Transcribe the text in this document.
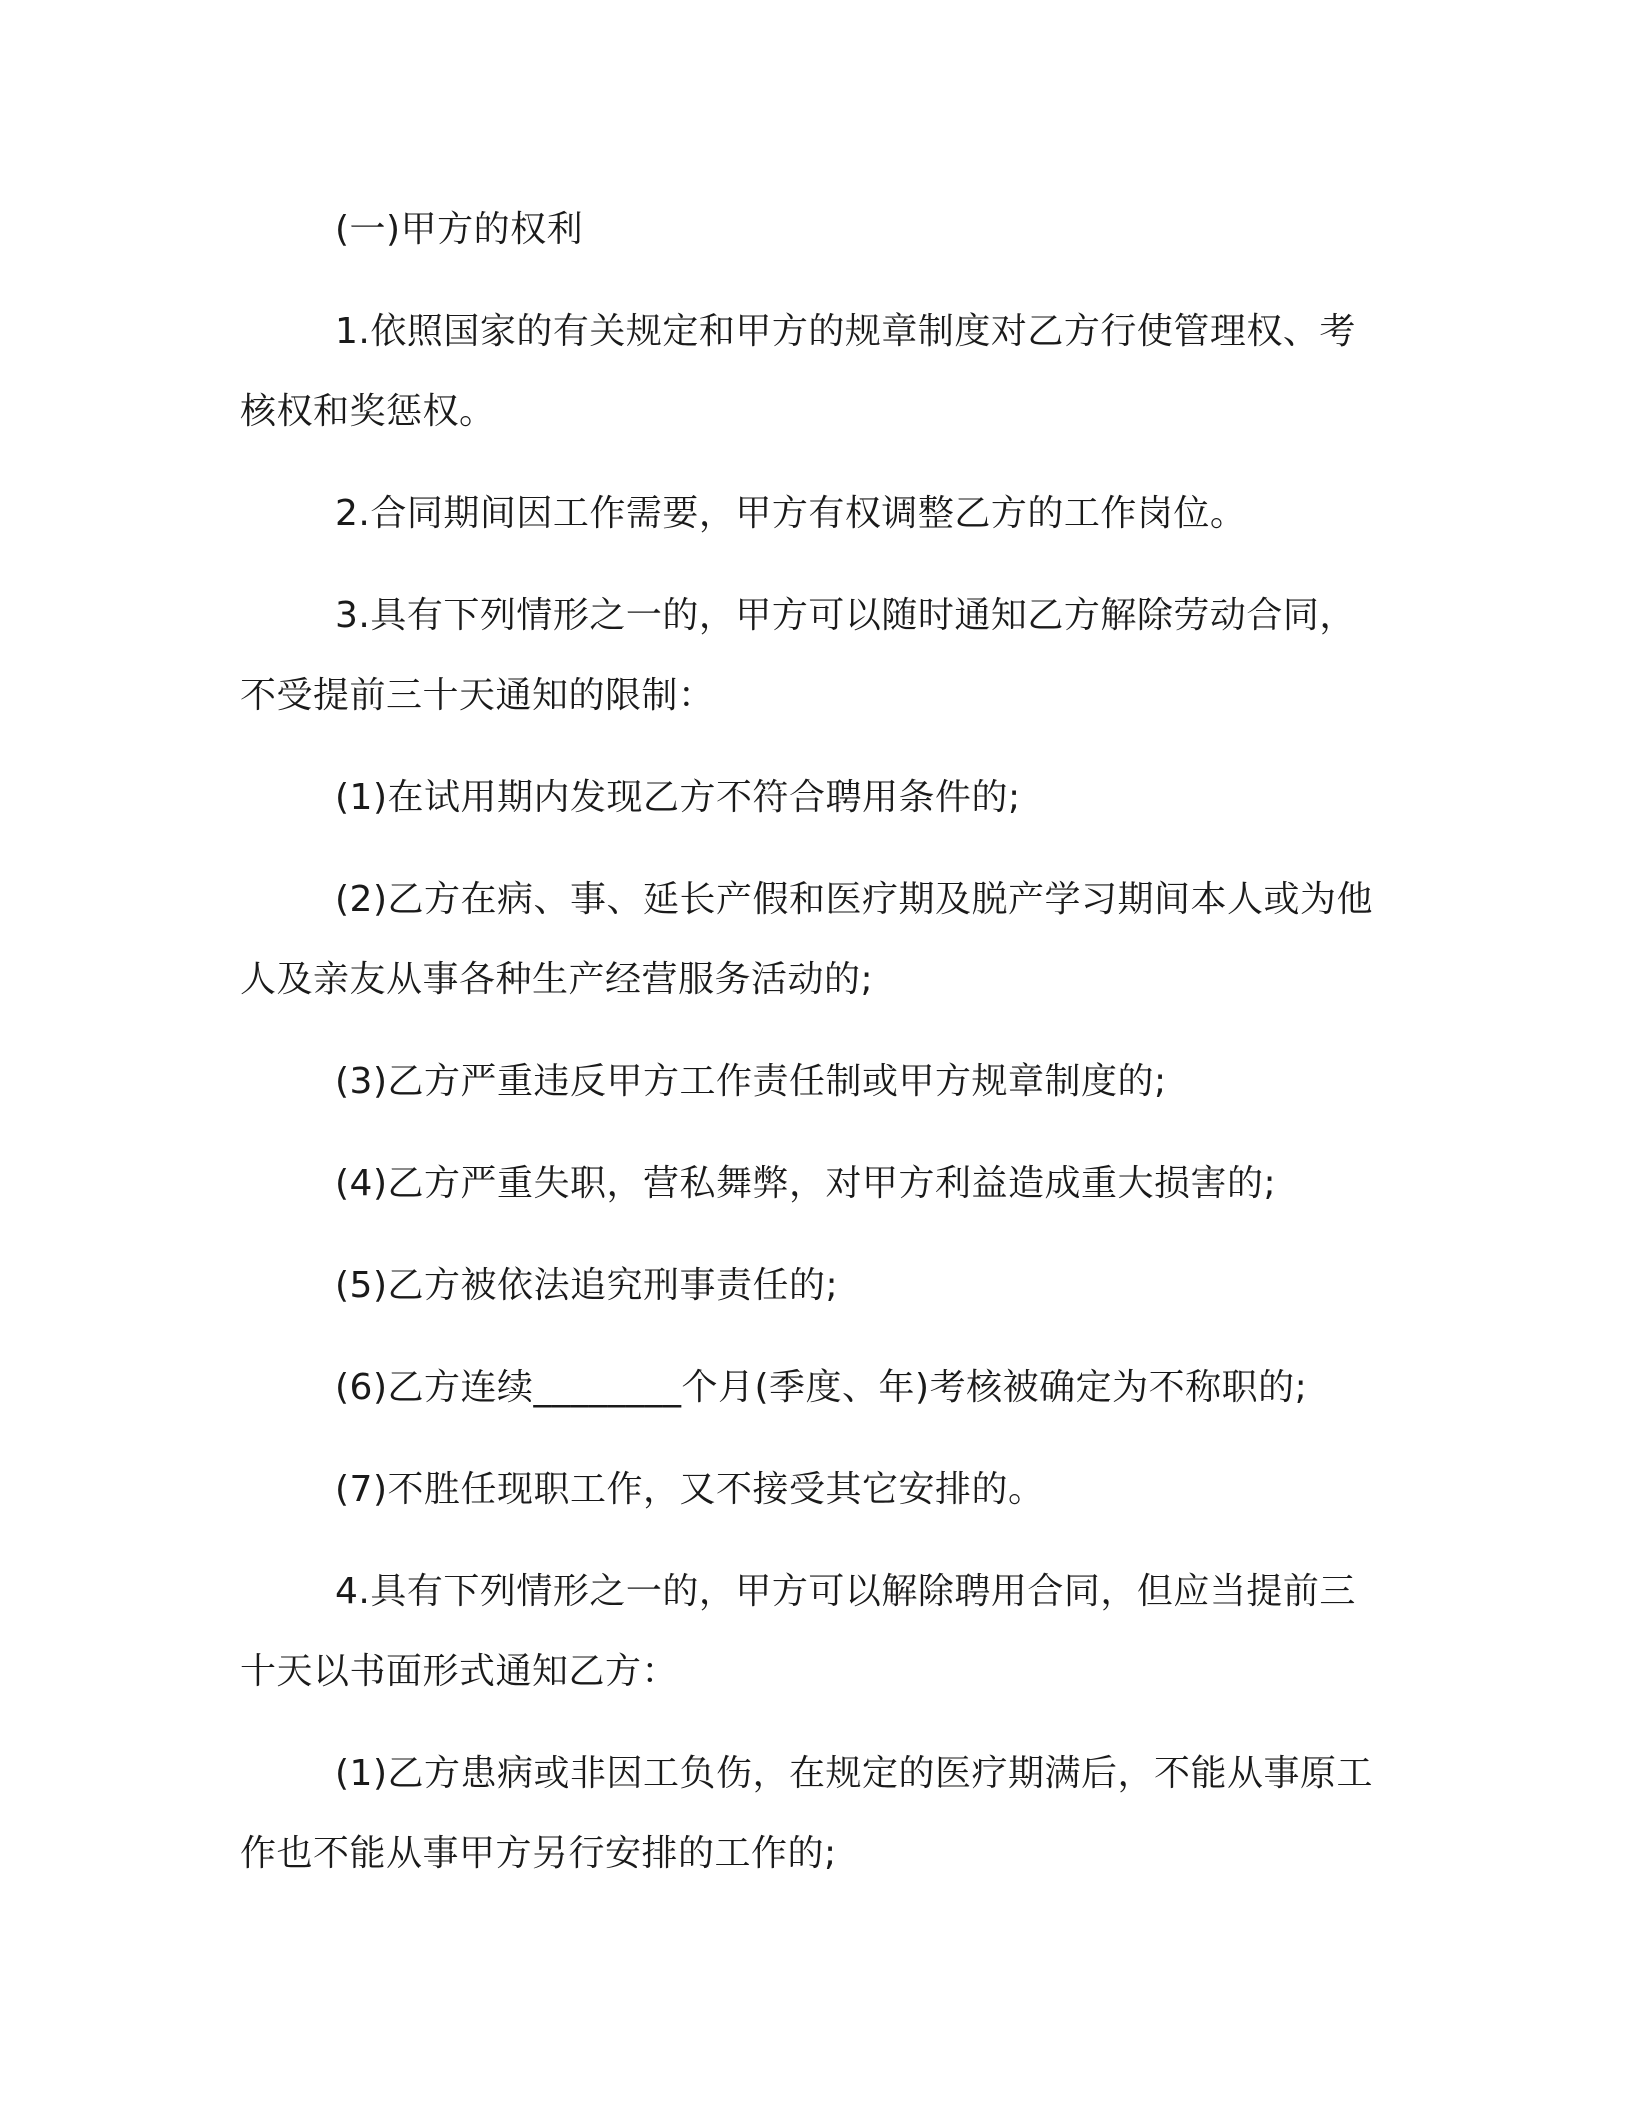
(一)甲方的权利

1.依照国家的有关规定和甲方的规章制度对乙方行使管理权、考核权和奖惩权。

2.合同期间因工作需要，甲方有权调整乙方的工作岗位。

3.具有下列情形之一的，甲方可以随时通知乙方解除劳动合同，不受提前三十天通知的限制：

(1)在试用期内发现乙方不符合聘用条件的;

(2)乙方在病、事、延长产假和医疗期及脱产学习期间本人或为他人及亲友从事各种生产经营服务活动的;

(3)乙方严重违反甲方工作责任制或甲方规章制度的;

(4)乙方严重失职，营私舞弊，对甲方利益造成重大损害的;

(5)乙方被依法追究刑事责任的;

(6)乙方连续________个月(季度、年)考核被确定为不称职的;

(7)不胜任现职工作，又不接受其它安排的。

4.具有下列情形之一的，甲方可以解除聘用合同，但应当提前三十天以书面形式通知乙方：

(1)乙方患病或非因工负伤，在规定的医疗期满后，不能从事原工作也不能从事甲方另行安排的工作的;
